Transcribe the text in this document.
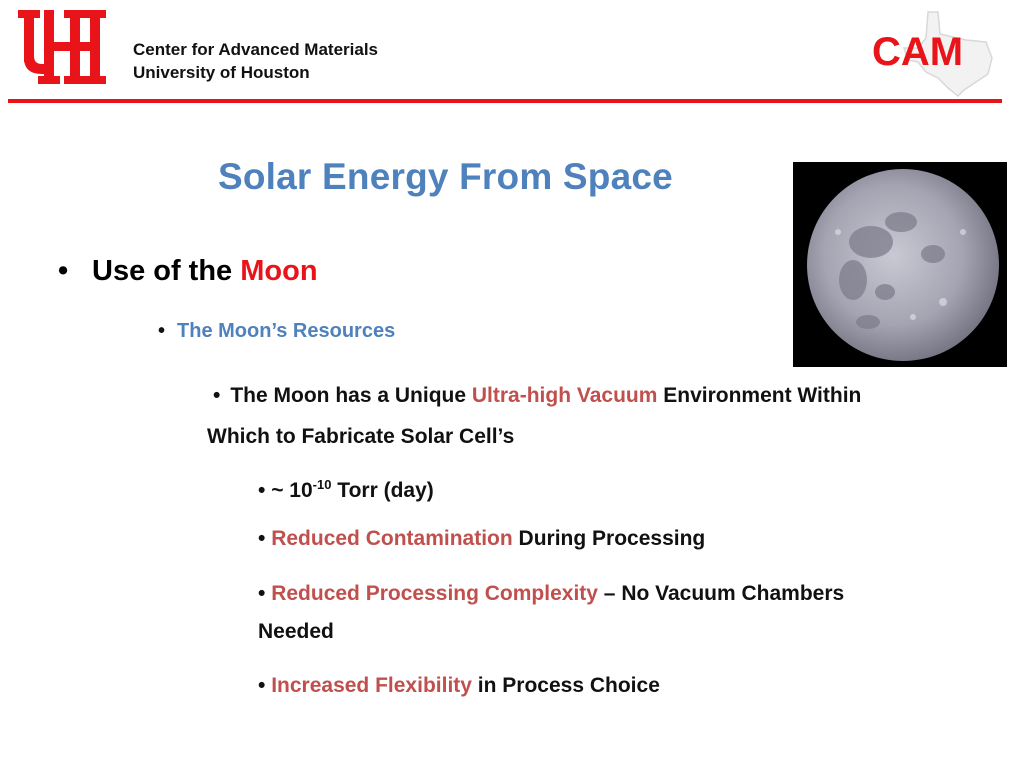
Center for Advanced Materials
University of Houston	CAM
Solar Energy From Space
• Use of the Moon
• The Moon’s Resources
• The Moon has a Unique Ultra-high Vacuum Environment Within Which to Fabricate Solar Cell’s
• ~ $10^{-10}$ Torr (day)
• Reduced Contamination During Processing
• Reduced Processing Complexity – No Vacuum Chambers Needed
• Increased Flexibility in Process Choice
